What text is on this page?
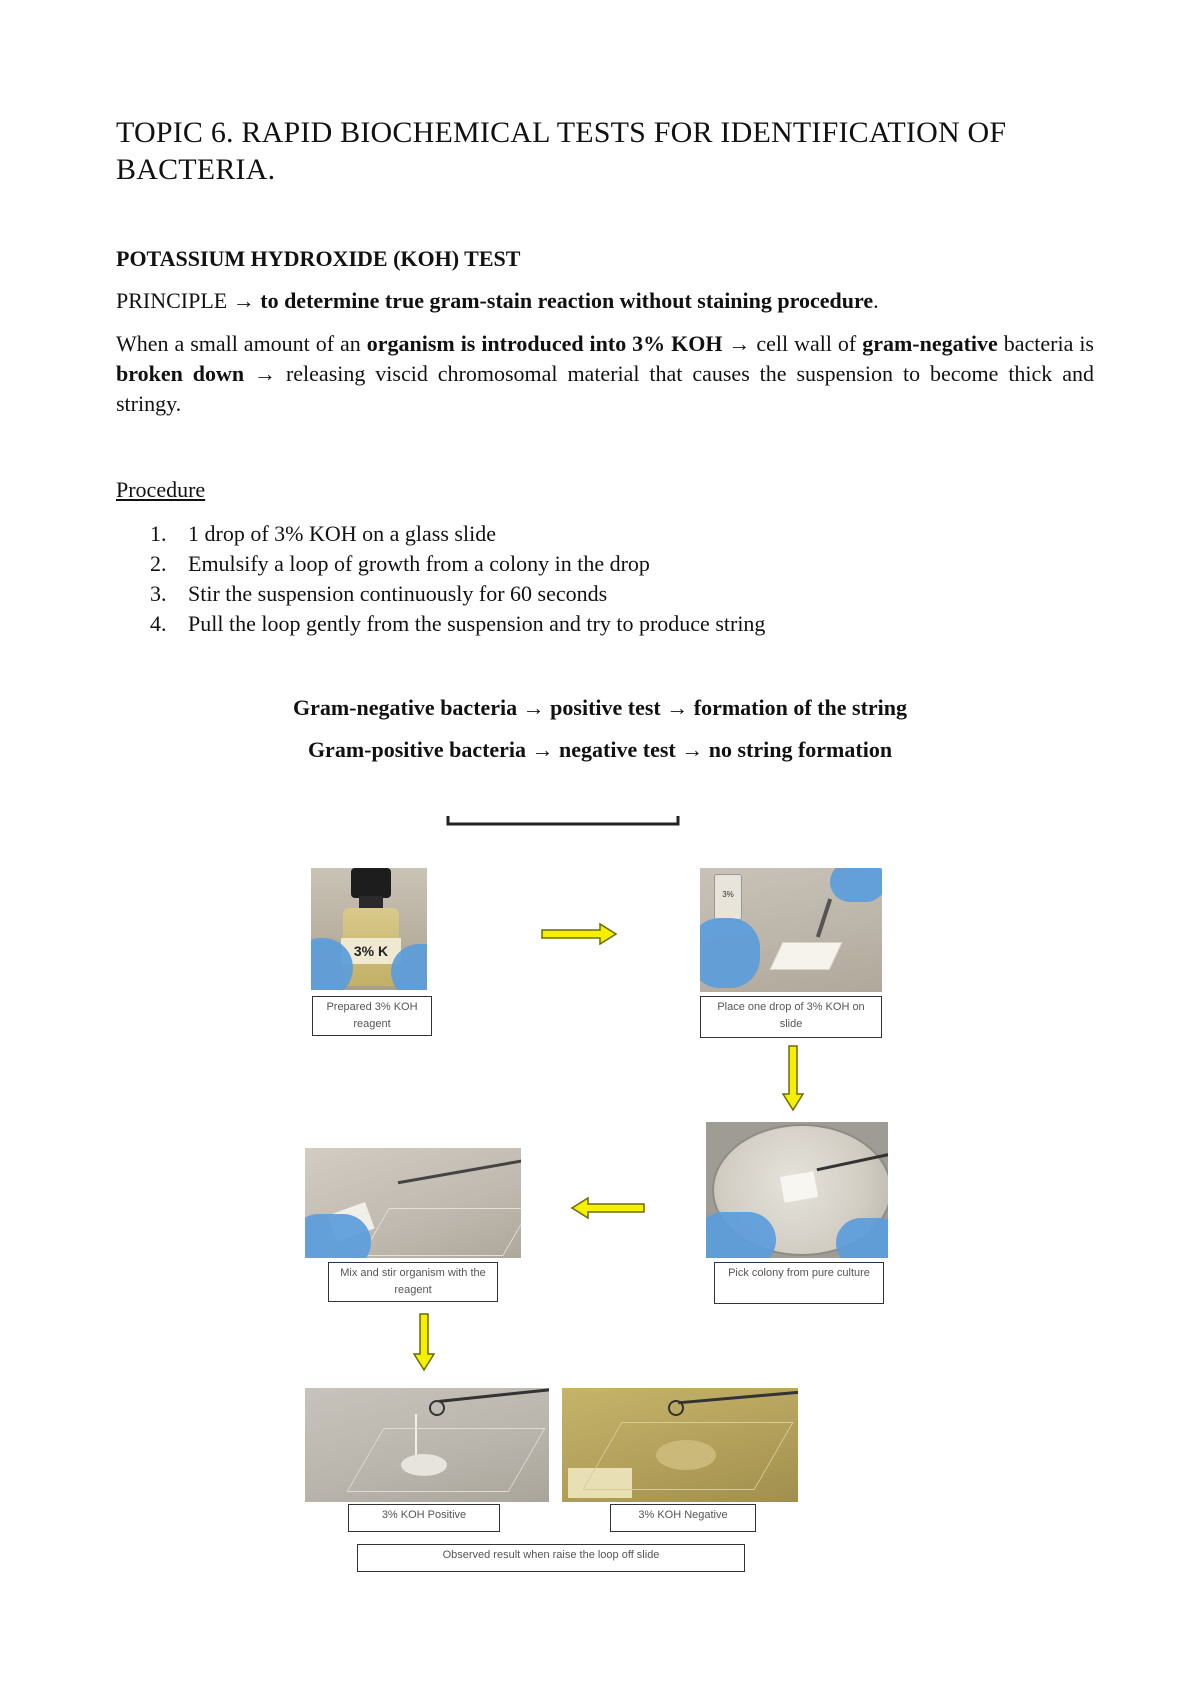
TOPIC 6. RAPID BIOCHEMICAL TESTS FOR IDENTIFICATION OF BACTERIA.
POTASSIUM HYDROXIDE (KOH) TEST
PRINCIPLE → to determine true gram-stain reaction without staining procedure.
When a small amount of an organism is introduced into 3% KOH → cell wall of gram-negative bacteria is broken down → releasing viscid chromosomal material that causes the suspension to become thick and stringy.
Procedure
1. 1 drop of 3% KOH on a glass slide
2. Emulsify a loop of growth from a colony in the drop
3. Stir the suspension continuously for 60 seconds
4. Pull the loop gently from the suspension and try to produce string
Gram-negative bacteria → positive test → formation of the string
Gram-positive bacteria → negative test → no string formation
3% K
Prepared 3% KOH reagent
3%
Place one drop of 3% KOH on slide
Pick colony from pure culture
Mix and stir organism with the reagent
3% KOH Positive	3% KOH Negative
Observed result when raise the loop off slide
